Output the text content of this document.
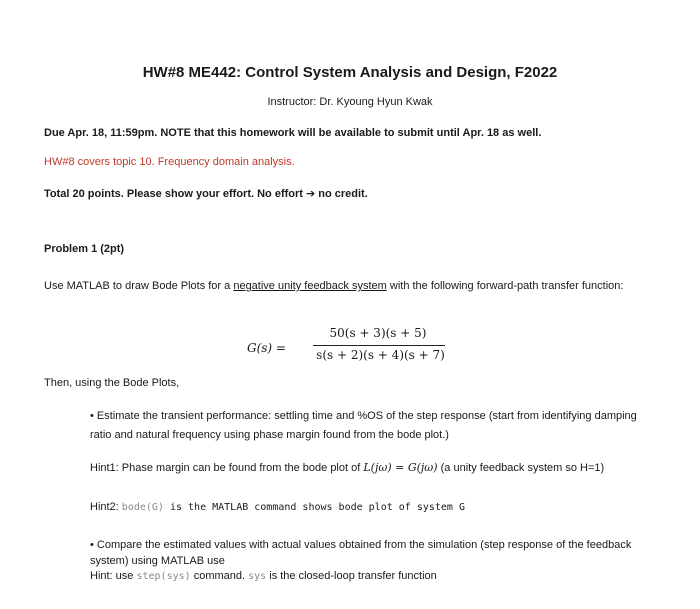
HW#8 ME442: Control System Analysis and Design, F2022
Instructor: Dr. Kyoung Hyun Kwak
Due Apr. 18, 11:59pm. NOTE that this homework will be available to submit until Apr. 18 as well.
HW#8 covers topic 10. Frequency domain analysis.
Total 20 points. Please show your effort. No effort ➔ no credit.
Problem 1 (2pt)
Use MATLAB to draw Bode Plots for a negative unity feedback system with the following forward-path transfer function:
G(s) =
50(s + 3)(s + 5)
s(s + 2)(s + 4)(s + 7)
Then, using the Bode Plots,
• Estimate the transient performance: settling time and %OS of the step response (start from identifying damping ratio and natural frequency using phase margin found from the bode plot.)
Hint1: Phase margin can be found from the bode plot of L(jω) = G(jω) (a unity feedback system so H=1)
Hint2: bode(G) is the MATLAB command shows bode plot of system G
• Compare the estimated values with actual values obtained from the simulation (step response of the feedback system) using MATLAB use
Hint: use step(sys) command. sys is the closed-loop transfer function
